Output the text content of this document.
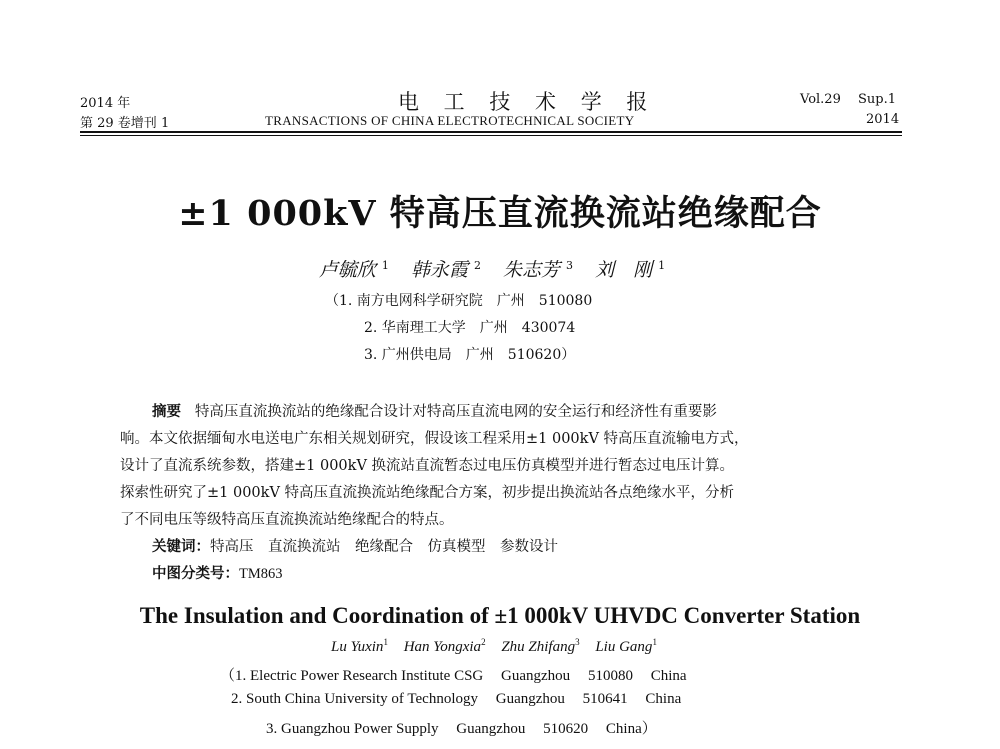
2014 年
第 29 卷增刊 1
电 工 技 术 学 报
TRANSACTIONS OF CHINA ELECTROTECHNICAL SOCIETY
Vol.29 Sup.1
2014
±1 000kV 特高压直流换流站绝缘配合
卢毓欣 $^1$ 韩永霞 $^2$ 朱志芳 $^3$ 刘　刚 $^1$
（1. 南方电网科学研究院　广州　510080
2. 华南理工大学　广州　430074
3. 广州供电局　广州　510620）
摘要 特高压直流换流站的绝缘配合设计对特高压直流电网的安全运行和经济性有重要影
响。本文依据缅甸水电送电广东相关规划研究，假设该工程采用±1 000kV 特高压直流输电方式，
设计了直流系统参数，搭建±1 000kV 换流站直流暂态过电压仿真模型并进行暂态过电压计算。
探索性研究了±1 000kV 特高压直流换流站绝缘配合方案，初步提出换流站各点绝缘水平，分析
了不同电压等级特高压直流换流站绝缘配合的特点。
关键词：特高压　直流换流站　绝缘配合　仿真模型　参数设计
中图分类号：TM863
The Insulation and Coordination of ±1 000kV UHVDC Converter Station
Lu Yuxin$^1$ Han Yongxia$^2$ Zhu Zhifang$^3$ Liu Gang$^1$
（1. Electric Power Research Institute CSG Guangzhou 510080 China
2. South China University of Technology Guangzhou 510641 China
3. Guangzhou Power Supply Guangzhou 510620 China）
